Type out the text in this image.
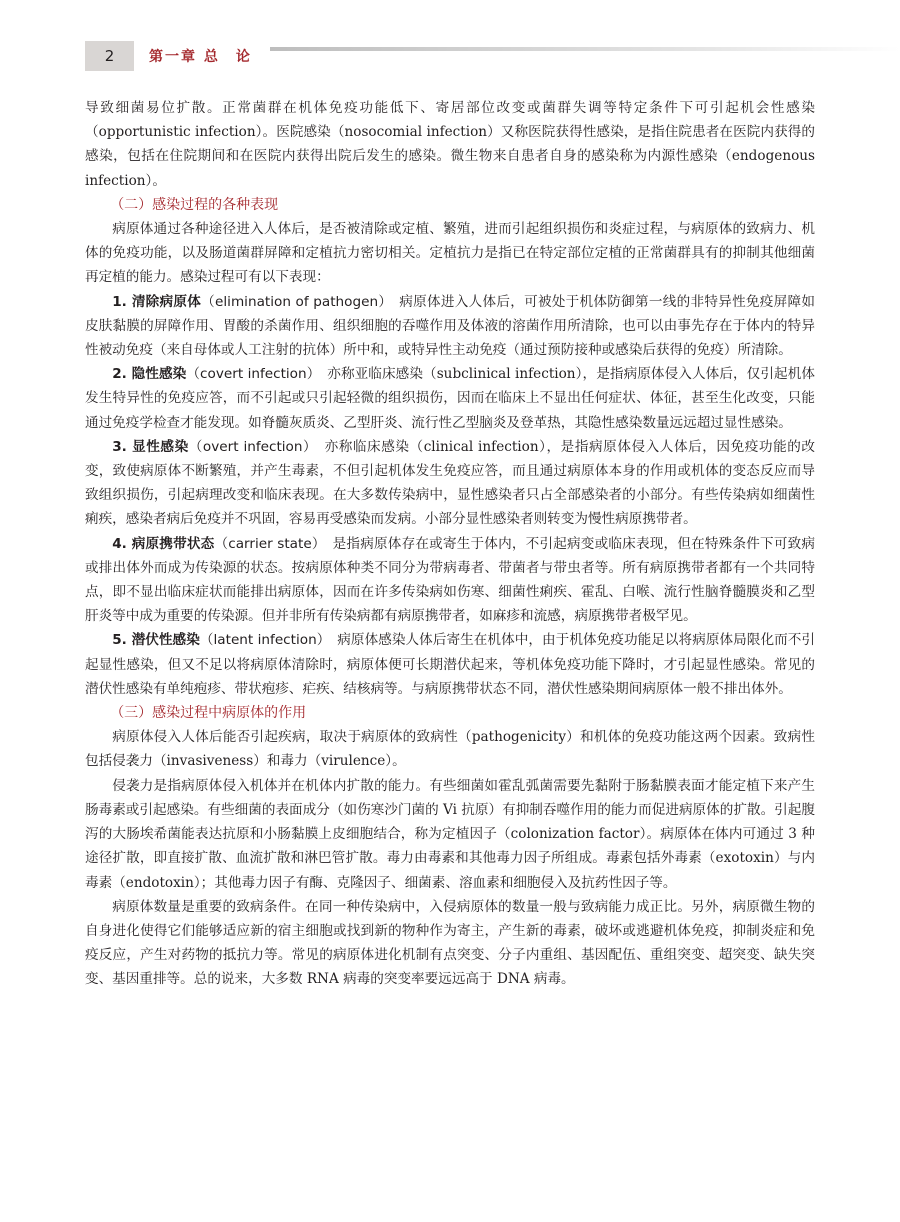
2	第一章 总　论

导致细菌易位扩散。正常菌群在机体免疫功能低下、寄居部位改变或菌群失调等特定条件下可引起机会性感染（opportunistic infection）。医院感染（nosocomial infection）又称医院获得性感染，是指住院患者在医院内获得的感染，包括在住院期间和在医院内获得出院后发生的感染。微生物来自患者自身的感染称为内源性感染（endogenous infection）。

（二）感染过程的各种表现

病原体通过各种途径进入人体后，是否被清除或定植、繁殖，进而引起组织损伤和炎症过程，与病原体的致病力、机体的免疫功能，以及肠道菌群屏障和定植抗力密切相关。定植抗力是指已在特定部位定植的正常菌群具有的抑制其他细菌再定植的能力。感染过程可有以下表现：

1. 清除病原体（elimination of pathogen）　病原体进入人体后，可被处于机体防御第一线的非特异性免疫屏障如皮肤黏膜的屏障作用、胃酸的杀菌作用、组织细胞的吞噬作用及体液的溶菌作用所清除，也可以由事先存在于体内的特异性被动免疫（来自母体或人工注射的抗体）所中和，或特异性主动免疫（通过预防接种或感染后获得的免疫）所清除。

2. 隐性感染（covert infection）　亦称亚临床感染（subclinical infection），是指病原体侵入人体后，仅引起机体发生特异性的免疫应答，而不引起或只引起轻微的组织损伤，因而在临床上不显出任何症状、体征，甚至生化改变，只能通过免疫学检查才能发现。如脊髓灰质炎、乙型肝炎、流行性乙型脑炎及登革热，其隐性感染数量远远超过显性感染。

3. 显性感染（overt infection）　亦称临床感染（clinical infection），是指病原体侵入人体后，因免疫功能的改变，致使病原体不断繁殖，并产生毒素，不但引起机体发生免疫应答，而且通过病原体本身的作用或机体的变态反应而导致组织损伤，引起病理改变和临床表现。在大多数传染病中，显性感染者只占全部感染者的小部分。有些传染病如细菌性痢疾，感染者病后免疫并不巩固，容易再受感染而发病。小部分显性感染者则转变为慢性病原携带者。

4. 病原携带状态（carrier state）　是指病原体存在或寄生于体内，不引起病变或临床表现，但在特殊条件下可致病或排出体外而成为传染源的状态。按病原体种类不同分为带病毒者、带菌者与带虫者等。所有病原携带者都有一个共同特点，即不显出临床症状而能排出病原体，因而在许多传染病如伤寒、细菌性痢疾、霍乱、白喉、流行性脑脊髓膜炎和乙型肝炎等中成为重要的传染源。但并非所有传染病都有病原携带者，如麻疹和流感，病原携带者极罕见。

5. 潜伏性感染（latent infection）　病原体感染人体后寄生在机体中，由于机体免疫功能足以将病原体局限化而不引起显性感染，但又不足以将病原体清除时，病原体便可长期潜伏起来，等机体免疫功能下降时，才引起显性感染。常见的潜伏性感染有单纯疱疹、带状疱疹、疟疾、结核病等。与病原携带状态不同，潜伏性感染期间病原体一般不排出体外。

（三）感染过程中病原体的作用

病原体侵入人体后能否引起疾病，取决于病原体的致病性（pathogenicity）和机体的免疫功能这两个因素。致病性包括侵袭力（invasiveness）和毒力（virulence）。

侵袭力是指病原体侵入机体并在机体内扩散的能力。有些细菌如霍乱弧菌需要先黏附于肠黏膜表面才能定植下来产生肠毒素或引起感染。有些细菌的表面成分（如伤寒沙门菌的 Vi 抗原）有抑制吞噬作用的能力而促进病原体的扩散。引起腹泻的大肠埃希菌能表达抗原和小肠黏膜上皮细胞结合，称为定植因子（colonization factor）。病原体在体内可通过 3 种途径扩散，即直接扩散、血流扩散和淋巴管扩散。毒力由毒素和其他毒力因子所组成。毒素包括外毒素（exotoxin）与内毒素（endotoxin）；其他毒力因子有酶、克隆因子、细菌素、溶血素和细胞侵入及抗药性因子等。

病原体数量是重要的致病条件。在同一种传染病中，入侵病原体的数量一般与致病能力成正比。另外，病原微生物的自身进化使得它们能够适应新的宿主细胞或找到新的物种作为寄主，产生新的毒素，破坏或逃避机体免疫，抑制炎症和免疫反应，产生对药物的抵抗力等。常见的病原体进化机制有点突变、分子内重组、基因配伍、重组突变、超突变、缺失突变、基因重排等。总的说来，大多数 RNA 病毒的突变率要远远高于 DNA 病毒。
